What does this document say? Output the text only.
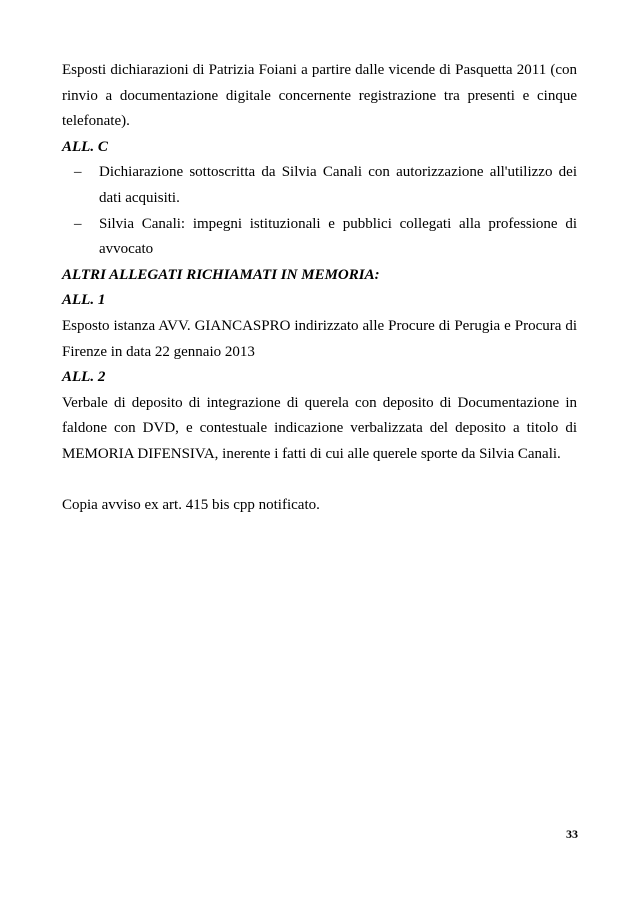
Esposti dichiarazioni di Patrizia Foiani a partire dalle vicende di Pasquetta 2011 (con rinvio a documentazione digitale concernente registrazione tra presenti e cinque telefonate).

ALL. C

– Dichiarazione sottoscritta da Silvia Canali con autorizzazione all'utilizzo dei dati acquisiti.
– Silvia Canali: impegni istituzionali e pubblici collegati alla professione di avvocato

ALTRI ALLEGATI RICHIAMATI IN MEMORIA:

ALL. 1

Esposto istanza AVV. GIANCASPRO indirizzato alle Procure di Perugia e Procura di Firenze in data 22 gennaio 2013

ALL. 2

Verbale di deposito di integrazione di querela con deposito di Documentazione in faldone con DVD, e contestuale indicazione verbalizzata del deposito a titolo di MEMORIA DIFENSIVA, inerente i fatti di cui alle querele sporte da Silvia Canali.

Copia avviso ex art. 415 bis cpp notificato.

33
